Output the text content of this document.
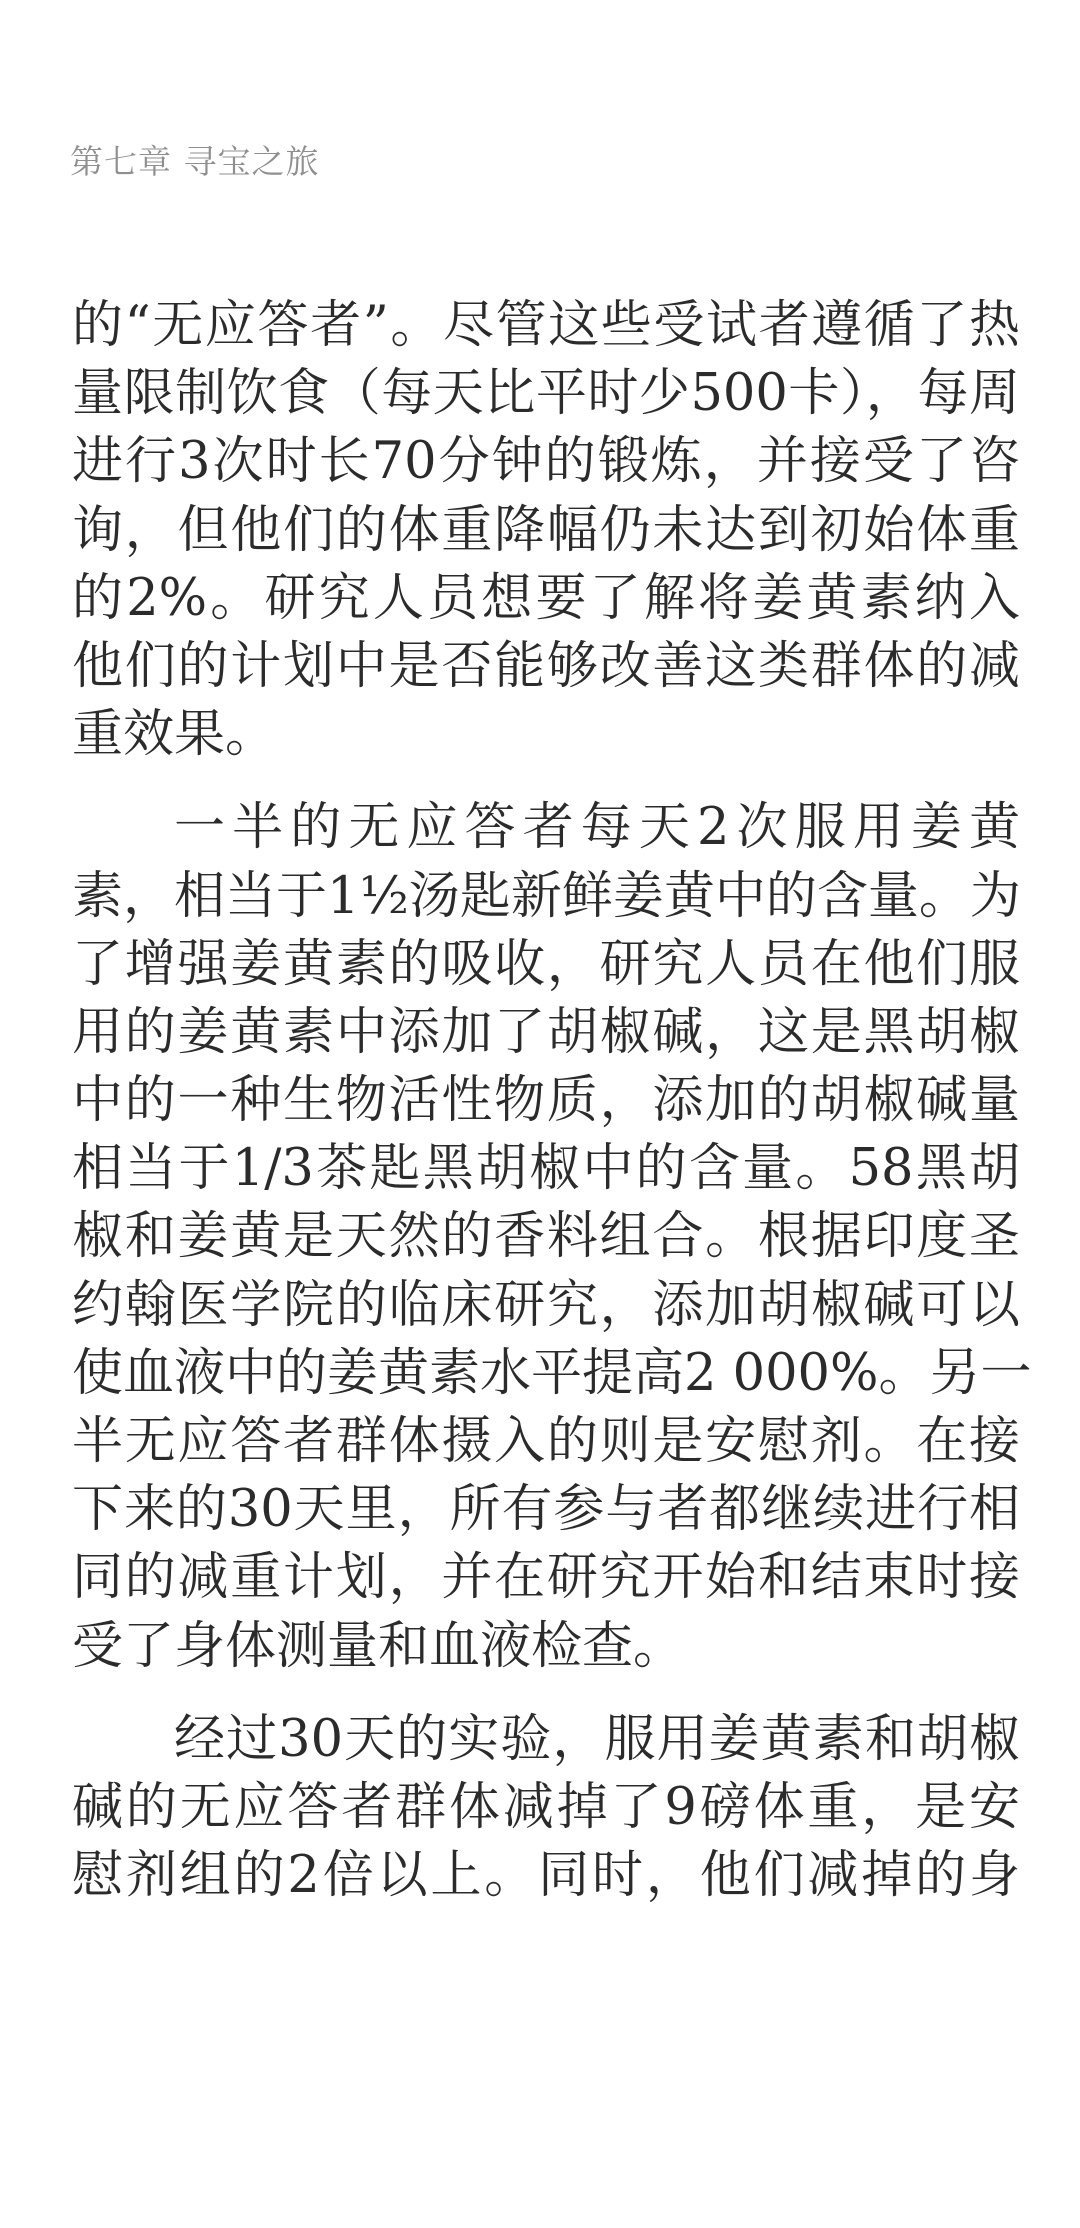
第七章 寻宝之旅
的“无应答者”。尽管这些受试者遵循了热
量限制饮食（每天比平时少500卡），每周
进行3次时长70分钟的锻炼，并接受了咨
询，但他们的体重降幅仍未达到初始体重
的2%。研究人员想要了解将姜黄素纳入
他们的计划中是否能够改善这类群体的减
重效果。
一半的无应答者每天2次服用姜黄
素，相当于1½汤匙新鲜姜黄中的含量。为
了增强姜黄素的吸收，研究人员在他们服
用的姜黄素中添加了胡椒碱，这是黑胡椒
中的一种生物活性物质，添加的胡椒碱量
相当于1/3茶匙黑胡椒中的含量。58黑胡
椒和姜黄是天然的香料组合。根据印度圣
约翰医学院的临床研究，添加胡椒碱可以
使血液中的姜黄素水平提高2 000%。另一
半无应答者群体摄入的则是安慰剂。在接
下来的30天里，所有参与者都继续进行相
同的减重计划，并在研究开始和结束时接
受了身体测量和血液检查。
经过30天的实验，服用姜黄素和胡椒
碱的无应答者群体减掉了9磅体重，是安
慰剂组的2倍以上。同时，他们减掉的身
